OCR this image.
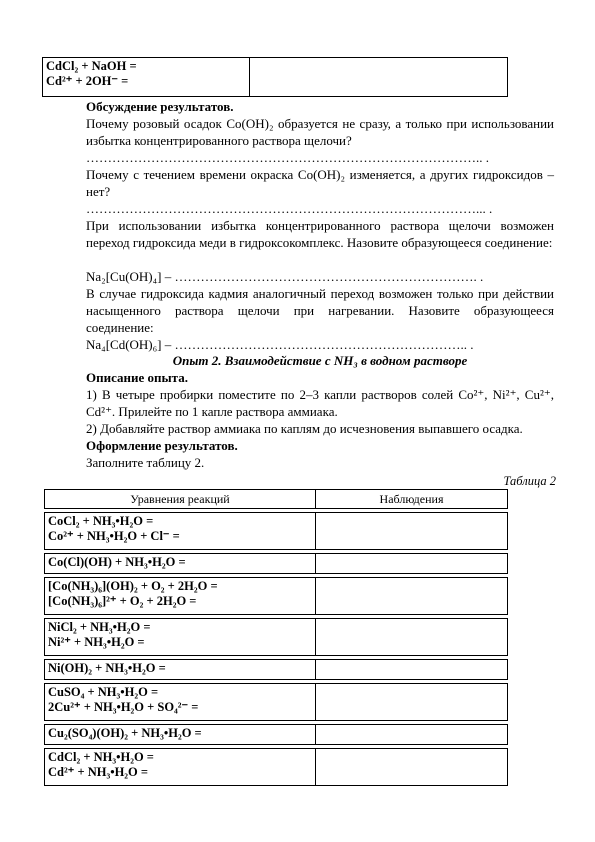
CdCl₂ + NaOH =
Cd²⁺ + 2OH⁻ =

Обсуждение результатов.

Почему розовый осадок Co(OH)₂ образуется не сразу, а только при использовании избытка концентрированного раствора щелочи?

……………………………………………………………………………….. .

Почему с течением времени окраска Co(OH)₂ изменяется, а других гидроксидов – нет?

………………………………………………………………………………... .

При использовании избытка концентрированного раствора щелочи возможен переход гидроксида меди в гидроксокомплекс. Назовите образующееся соединение:

Na₂[Cu(OH)₄] – ……………………………………………………………. .

В случае гидроксида кадмия аналогичный переход возможен только при действии насыщенного раствора щелочи при нагревании. Назовите образующееся соединение:

Na₄[Cd(OH)₆] – ………………………………………………………….. .

Опыт 2. Взаимодействие с NH₃ в водном растворе

Описание опыта.

1) В четыре пробирки поместите по 2–3 капли растворов солей Co²⁺, Ni²⁺, Cu²⁺, Cd²⁺. Прилейте по 1 капле раствора аммиака.

2) Добавляйте раствор аммиака по каплям до исчезновения выпавшего осадка.

Оформление результатов.

Заполните таблицу 2.

Таблица 2
Уравнения реакций	Наблюдения

CoCl₂ + NH₃•H₂O =
Co²⁺ + NH₃•H₂O + Cl⁻ =	

Co(Cl)(OH) + NH₃•H₂O =	

[Co(NH₃)₆](OH)₂ + O₂ + 2H₂O =
[Co(NH₃)₆]²⁺ + O₂ + 2H₂O =	

NiCl₂ + NH₃•H₂O =
Ni²⁺ + NH₃•H₂O =	

Ni(OH)₂ + NH₃•H₂O =	

CuSO₄ + NH₃•H₂O =
2Cu²⁺ + NH₃•H₂O + SO₄²⁻ =	

Cu₂(SO₄)(OH)₂ + NH₃•H₂O =	

CdCl₂ + NH₃•H₂O =
Cd²⁺ + NH₃•H₂O =	
